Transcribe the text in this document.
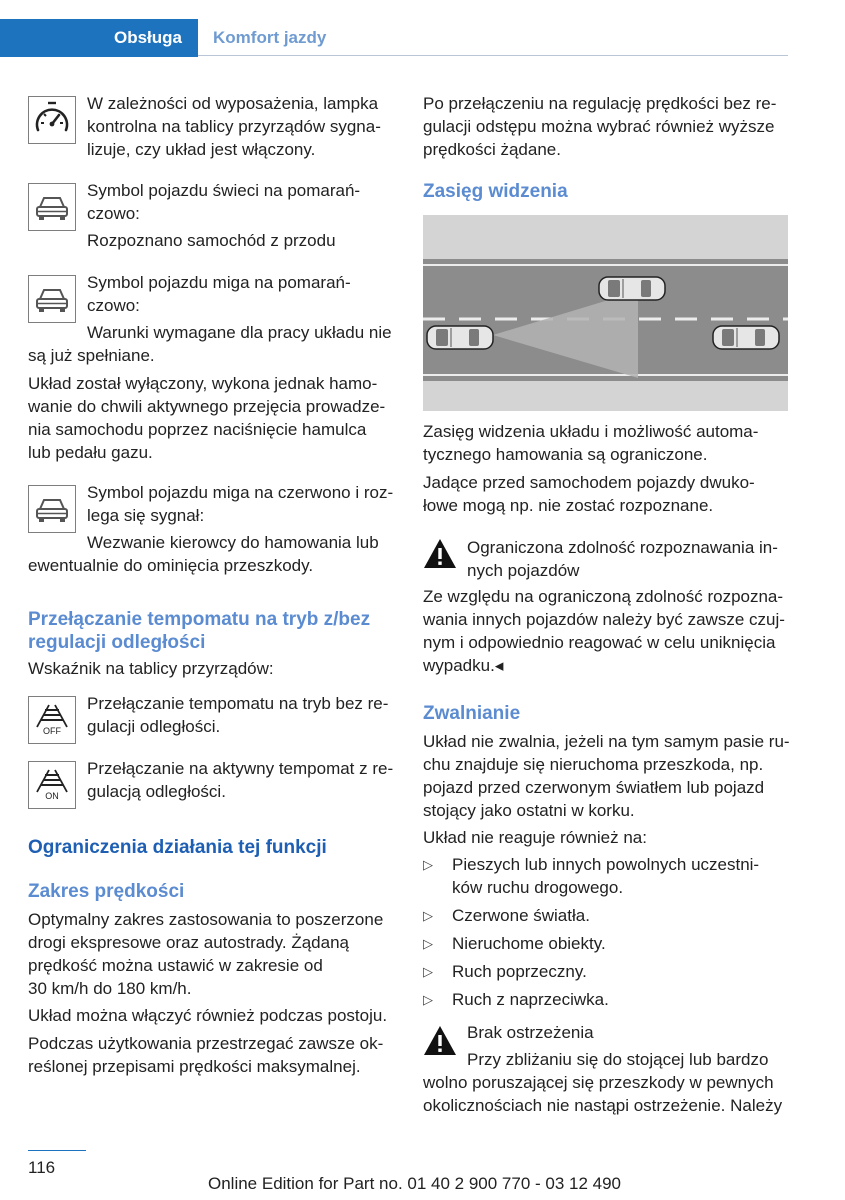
Obsługa	Komfort jazdy
W zależności od wyposażenia, lampka
kontrolna na tablicy przyrządów sygna-
lizuje, czy układ jest włączony.
Symbol pojazdu świeci na pomarań-
czowo:
Rozpoznano samochód z przodu
Symbol pojazdu miga na pomarań-
czowo:
Warunki wymagane dla pracy układu nie
są już spełniane.
Układ został wyłączony, wykona jednak hamo-
wanie do chwili aktywnego przejęcia prowadze-
nia samochodu poprzez naciśnięcie hamulca
lub pedału gazu.
Symbol pojazdu miga na czerwono i roz-
lega się sygnał:
Wezwanie kierowcy do hamowania lub
ewentualnie do ominięcia przeszkody.
Przełączanie tempomatu na tryb z/bez
regulacji odległości
Wskaźnik na tablicy przyrządów:
OFF
Przełączanie tempomatu na tryb bez re-
gulacji odległości.
ON
Przełączanie na aktywny tempomat z re-
gulacją odległości.
Ograniczenia działania tej funkcji
Zakres prędkości
Optymalny zakres zastosowania to poszerzone
drogi ekspresowe oraz autostrady. Żądaną
prędkość można ustawić w zakresie od
30 km/h do 180 km/h.
Układ można włączyć również podczas postoju.
Podczas użytkowania przestrzegać zawsze ok-
reślonej przepisami prędkości maksymalnej.
Po przełączeniu na regulację prędkości bez re-
gulacji odstępu można wybrać również wyższe
prędkości żądane.
Zasięg widzenia
Zasięg widzenia układu i możliwość automa-
tycznego hamowania są ograniczone.
Jadące przed samochodem pojazdy dwuko-
łowe mogą np. nie zostać rozpoznane.
Ograniczona zdolność rozpoznawania in-
nych pojazdów
Ze względu na ograniczoną zdolność rozpozna-
wania innych pojazdów należy być zawsze czuj-
nym i odpowiednio reagować w celu uniknięcia
wypadku.◂
Zwalnianie
Układ nie zwalnia, jeżeli na tym samym pasie ru-
chu znajduje się nieruchoma przeszkoda, np.
pojazd przed czerwonym światłem lub pojazd
stojący jako ostatni w korku.
Układ nie reaguje również na:
▷ Pieszych lub innych powolnych uczestni-
ków ruchu drogowego.
▷ Czerwone światła.
▷ Nieruchome obiekty.
▷ Ruch poprzeczny.
▷ Ruch z naprzeciwka.
Brak ostrzeżenia
Przy zbliżaniu się do stojącej lub bardzo
wolno poruszającej się przeszkody w pewnych
okolicznościach nie nastąpi ostrzeżenie. Należy
116
Online Edition for Part no. 01 40 2 900 770 - 03 12 490
